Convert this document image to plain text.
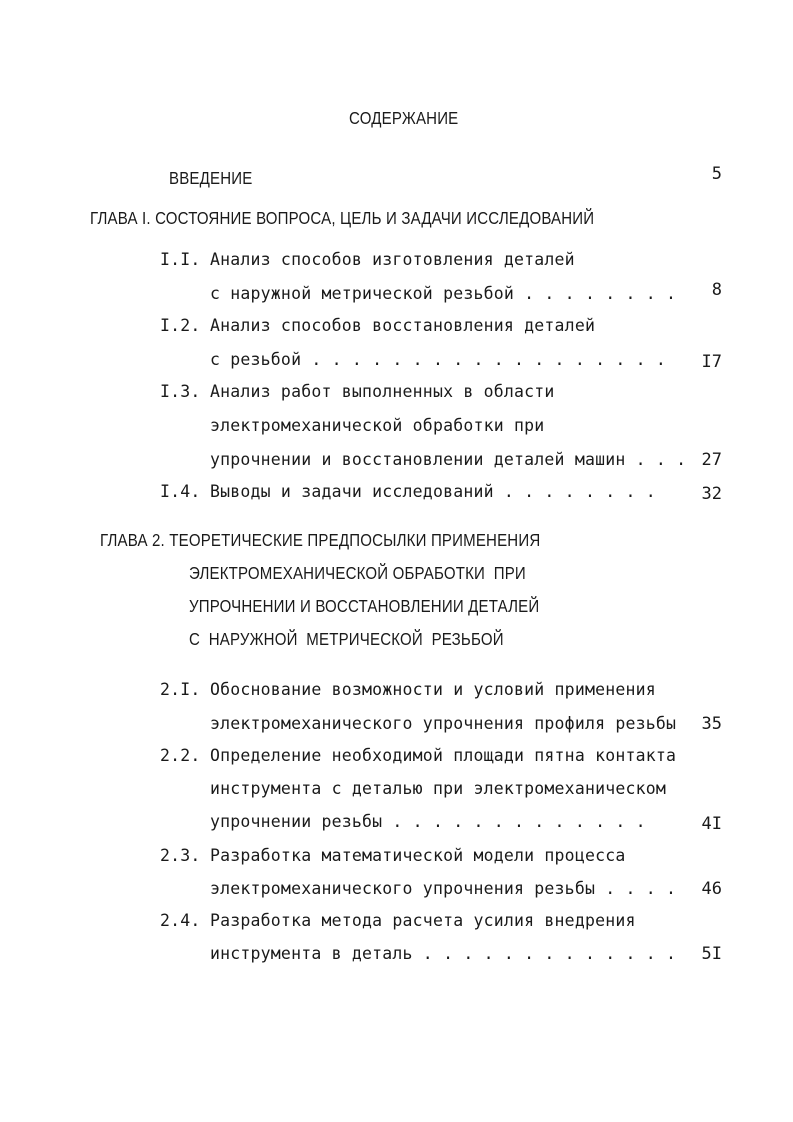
СОДЕРЖАНИЕ
ВВЕДЕНИЕ	5
ГЛАВА I. СОСТОЯНИЕ ВОПРОСА, ЦЕЛЬ И ЗАДАЧИ ИССЛЕДОВАНИЙ
I.I. Анализ способов изготовления деталей
с наружной метрической резьбой . . . . . . . .	8
I.2. Анализ способов восстановления деталей
с резьбой . . . . . . . . . . . . . . . . . .	I7
I.3. Анализ работ выполненных в области
электромеханической обработки при
упрочнении и восстановлении деталей машин . . . 27
I.4. Выводы и задачи исследований . . . . . . . .	32
ГЛАВА 2. ТЕОРЕТИЧЕСКИЕ ПРЕДПОСЫЛКИ ПРИМЕНЕНИЯ
ЭЛЕКТРОМЕХАНИЧЕСКОЙ ОБРАБОТКИ  ПРИ
УПРОЧНЕНИИ И ВОССТАНОВЛЕНИИ ДЕТАЛЕЙ
С  НАРУЖНОЙ  МЕТРИЧЕСКОЙ  РЕЗЬБОЙ
2.I. Обоснование возможности и условий применения
электромеханического упрочнения профиля резьбы	35
2.2. Определение необходимой площади пятна контакта
инструмента с деталью при электромеханическом
упрочнении резьбы . . . . . . . . . . . . .	4I
2.3. Разработка математической модели процесса
электромеханического упрочнения резьбы . . . .	46
2.4. Разработка метода расчета усилия внедрения
инструмента в деталь . . . . . . . . . . . . .	5I
